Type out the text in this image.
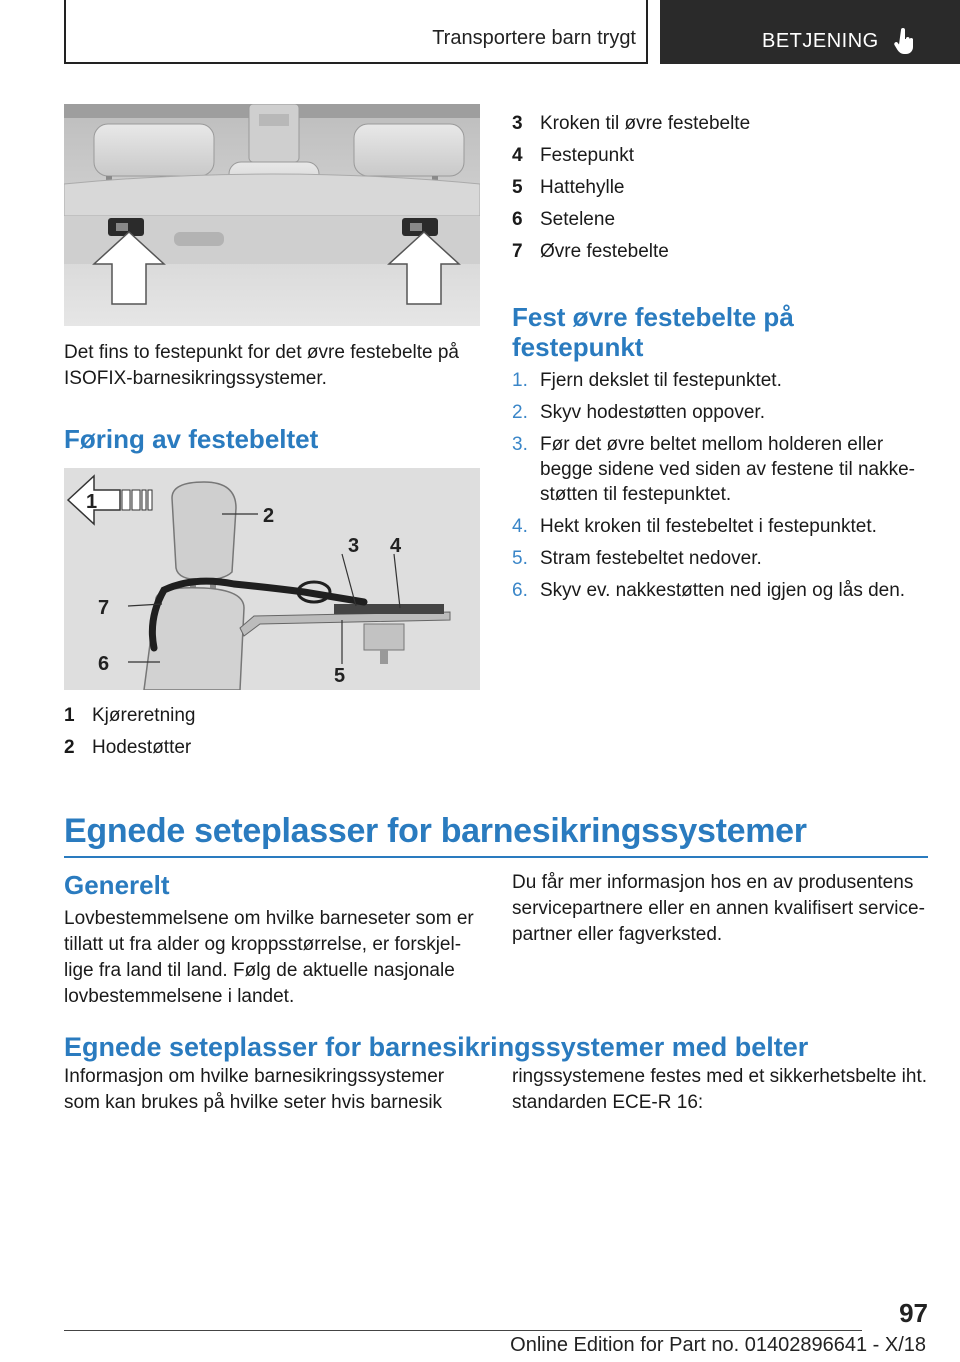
Transportere barn trygt	BETJENING
Det fins to festepunkt for det øvre festebelte på ISOFIX-barnesikringssystemer.
Føring av festebeltet
2
3 4
5
6
7
1
1 Kjøreretning
2 Hodestøtter
3 Kroken til øvre festebelte
4 Festepunkt
5 Hattehylle
6 Setelene
7 Øvre festebelte
Fest øvre festebelte på festepunkt
1. Fjern dekslet til festepunktet.
2. Skyv hodestøtten oppover.
3. Før det øvre beltet mellom holderen eller begge sidene ved siden av festene til nakkestøtten til festepunktet.
4. Hekt kroken til festebeltet i festepunktet.
5. Stram festebeltet nedover.
6. Skyv ev. nakkestøtten ned igjen og lås den.
Egnede seteplasser for barnesikringssystemer
Generelt
Lovbestemmelsene om hvilke barneseter som er tillatt ut fra alder og kroppsstørrelse, er forskjellige fra land til land. Følg de aktuelle nasjonale lovbestemmelsene i landet.
Du får mer informasjon hos en av produsentens servicepartnere eller en annen kvalifisert servicepartner eller fagverksted.
Egnede seteplasser for barnesikringssystemer med belter
Informasjon om hvilke barnesikringssystemer som kan brukes på hvilke seter hvis barnesik
ringssystemene festes med et sikkerhetsbelte iht. standarden ECE-R 16:
97
Online Edition for Part no. 01402896641 - X/18
